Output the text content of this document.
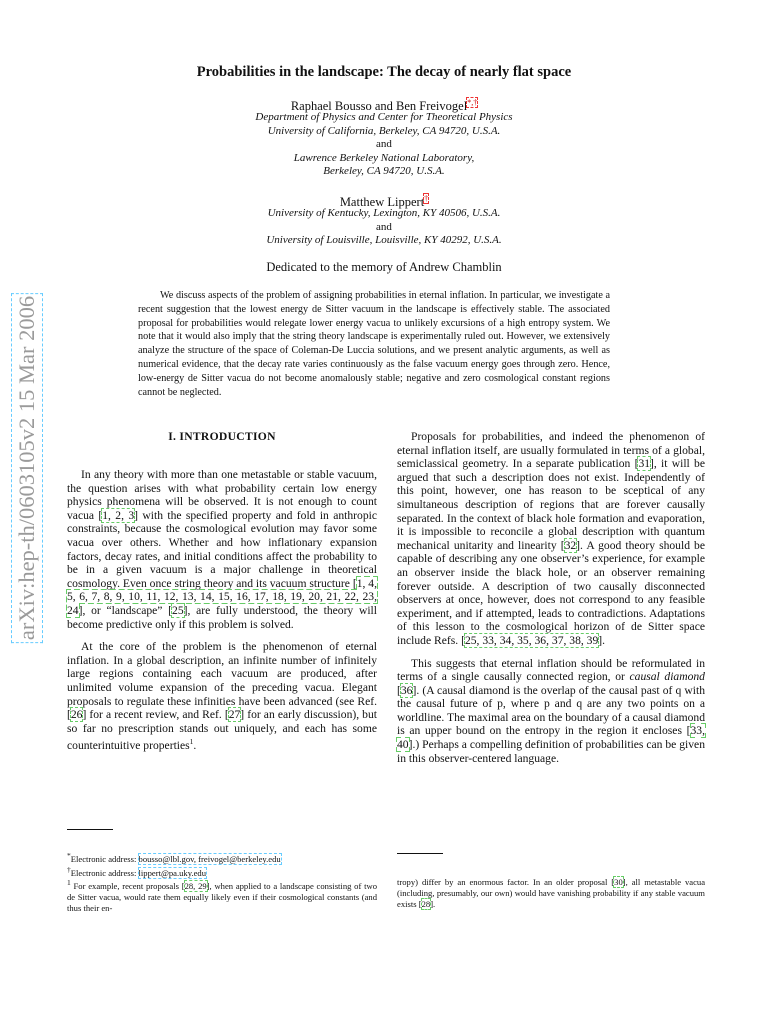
arXiv:hep-th/0603105v2 15 Mar 2006
Probabilities in the landscape: The decay of nearly flat space
Raphael Bousso and Ben Freivogel*,†
Department of Physics and Center for Theoretical Physics
University of California, Berkeley, CA 94720, U.S.A.
and
Lawrence Berkeley National Laboratory,
Berkeley, CA 94720, U.S.A.
Matthew Lippert†
University of Kentucky, Lexington, KY 40506, U.S.A.
and
University of Louisville, Louisville, KY 40292, U.S.A.
Dedicated to the memory of Andrew Chamblin
We discuss aspects of the problem of assigning probabilities in eternal inflation. In particular, we investigate a recent suggestion that the lowest energy de Sitter vacuum in the landscape is effectively stable. The associated proposal for probabilities would relegate lower energy vacua to unlikely excursions of a high entropy system. We note that it would also imply that the string theory landscape is experimentally ruled out. However, we extensively analyze the structure of the space of Coleman-De Luccia solutions, and we present analytic arguments, as well as numerical evidence, that the decay rate varies continuously as the false vacuum energy goes through zero. Hence, low-energy de Sitter vacua do not become anomalously stable; negative and zero cosmological constant regions cannot be neglected.
I. INTRODUCTION

In any theory with more than one metastable or stable vacuum, the question arises with what probability certain low energy physics phenomena will be observed. It is not enough to count vacua [1, 2, 3] with the specified property and fold in anthropic constraints, because the cosmological evolution may favor some vacua over others. Whether and how inflationary expansion factors, decay rates, and initial conditions affect the probability to be in a given vacuum is a major challenge in theoretical cosmology. Even once string theory and its vacuum structure [1, 4, 5, 6, 7, 8, 9, 10, 11, 12, 13, 14, 15, 16, 17, 18, 19, 20, 21, 22, 23, 24], or “landscape” [25], are fully understood, the theory will become predictive only if this problem is solved.

At the core of the problem is the phenomenon of eternal inflation. In a global description, an infinite number of infinitely large regions containing each vacuum are produced, after unlimited volume expansion of the preceding vacua. Elegant proposals to regulate these infinities have been advanced (see Ref. [26] for a recent review, and Ref. [27] for an early discussion), but so far no prescription stands out uniquely, and each has some counterintuitive properties$^1$.

Proposals for probabilities, and indeed the phenomenon of eternal inflation itself, are usually formulated in terms of a global, semiclassical geometry. In a separate publication [31], it will be argued that such a description does not exist. Independently of this point, however, one has reason to be sceptical of any simultaneous description of regions that are forever causally separated. In the context of black hole formation and evaporation, it is impossible to reconcile a global description with quantum mechanical unitarity and linearity [32]. A good theory should be capable of describing any one observer’s experience, for example an observer inside the black hole, or an observer remaining forever outside. A description of two causally disconnected observers at once, however, does not correspond to any feasible experiment, and if attempted, leads to contradictions. Adaptations of this lesson to the cosmological horizon of de Sitter space include Refs. [25, 33, 34, 35, 36, 37, 38, 39].

This suggests that eternal inflation should be reformulated in terms of a single causally connected region, or causal diamond [36]. (A causal diamond is the overlap of the causal past of q with the causal future of p, where p and q are any two points on a worldline. The maximal area on the boundary of a causal diamond is an upper bound on the entropy in the region it encloses [33, 40].) Perhaps a compelling definition of probabilities can be given in this observer-centered language.

*Electronic address: bousso@lbl.gov, freivogel@berkeley.edu
†Electronic address: lippert@pa.uky.edu
$^1$ For example, recent proposals [28, 29], when applied to a landscape consisting of two de Sitter vacua, would rate them equally likely even if their cosmological constants (and thus their en-
tropy) differ by an enormous factor. In an older proposal [30], all metastable vacua (including, presumably, our own) would have vanishing probability if any stable vacuum exists [28].
